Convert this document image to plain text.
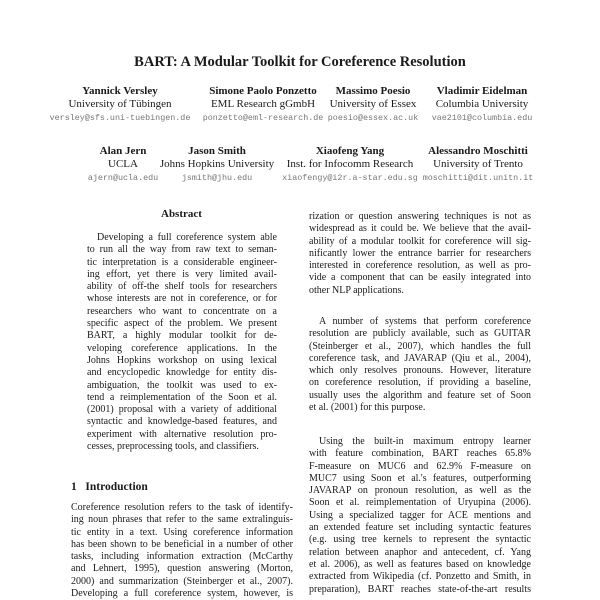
BART: A Modular Toolkit for Coreference Resolution
Yannick Versley
University of Tübingen
versley@sfs.uni-tuebingen.de
Simone Paolo Ponzetto
EML Research gGmbH
ponzetto@eml-research.de
Massimo Poesio
University of Essex
poesio@essex.ac.uk
Vladimir Eidelman
Columbia University
vae2101@columbia.edu
Alan Jern
UCLA
ajern@ucla.edu
Jason Smith
Johns Hopkins University
jsmith@jhu.edu
Xiaofeng Yang
Inst. for Infocomm Research
xiaofengy@i2r.a-star.edu.sg
Alessandro Moschitti
University of Trento
moschitti@dit.unitn.it
Abstract
Developing a full coreference system able
to run all the way from raw text to seman-
tic interpretation is a considerable engineer-
ing effort, yet there is very limited avail-
ability of off-the shelf tools for researchers
whose interests are not in coreference, or for
researchers who want to concentrate on a
specific aspect of the problem. We present
BART, a highly modular toolkit for de-
veloping coreference applications. In the
Johns Hopkins workshop on using lexical
and encyclopedic knowledge for entity dis-
ambiguation, the toolkit was used to ex-
tend a reimplementation of the Soon et al.
(2001) proposal with a variety of additional
syntactic and knowledge-based features, and
experiment with alternative resolution pro-
cesses, preprocessing tools, and classifiers.
1   Introduction
Coreference resolution refers to the task of identify-
ing noun phrases that refer to the same extralinguis-
tic entity in a text. Using coreference information
has been shown to be beneficial in a number of other
tasks, including information extraction (McCarthy
and Lehnert, 1995), question answering (Morton,
2000) and summarization (Steinberger et al., 2007).
Developing a full coreference system, however, is
rization or question answering techniques is not as
widespread as it could be. We believe that the avail-
ability of a modular toolkit for coreference will sig-
nificantly lower the entrance barrier for researchers
interested in coreference resolution, as well as pro-
vide a component that can be easily integrated into
other NLP applications.
A number of systems that perform coreference
resolution are publicly available, such as GUITAR
(Steinberger et al., 2007), which handles the full
coreference task, and JAVARAP (Qiu et al., 2004),
which only resolves pronouns. However, literature
on coreference resolution, if providing a baseline,
usually uses the algorithm and feature set of Soon
et al. (2001) for this purpose.
Using the built-in maximum entropy learner
with feature combination, BART reaches 65.8%
F-measure on MUC6 and 62.9% F-measure on
MUC7 using Soon et al.'s features, outperforming
JAVARAP on pronoun resolution, as well as the
Soon et al. reimplementation of Uryupina (2006).
Using a specialized tagger for ACE mentions and
an extended feature set including syntactic features
(e.g. using tree kernels to represent the syntactic
relation between anaphor and antecedent, cf. Yang
et al. 2006), as well as features based on knowledge
extracted from Wikipedia (cf. Ponzetto and Smith, in
preparation), BART reaches state-of-the-art results
